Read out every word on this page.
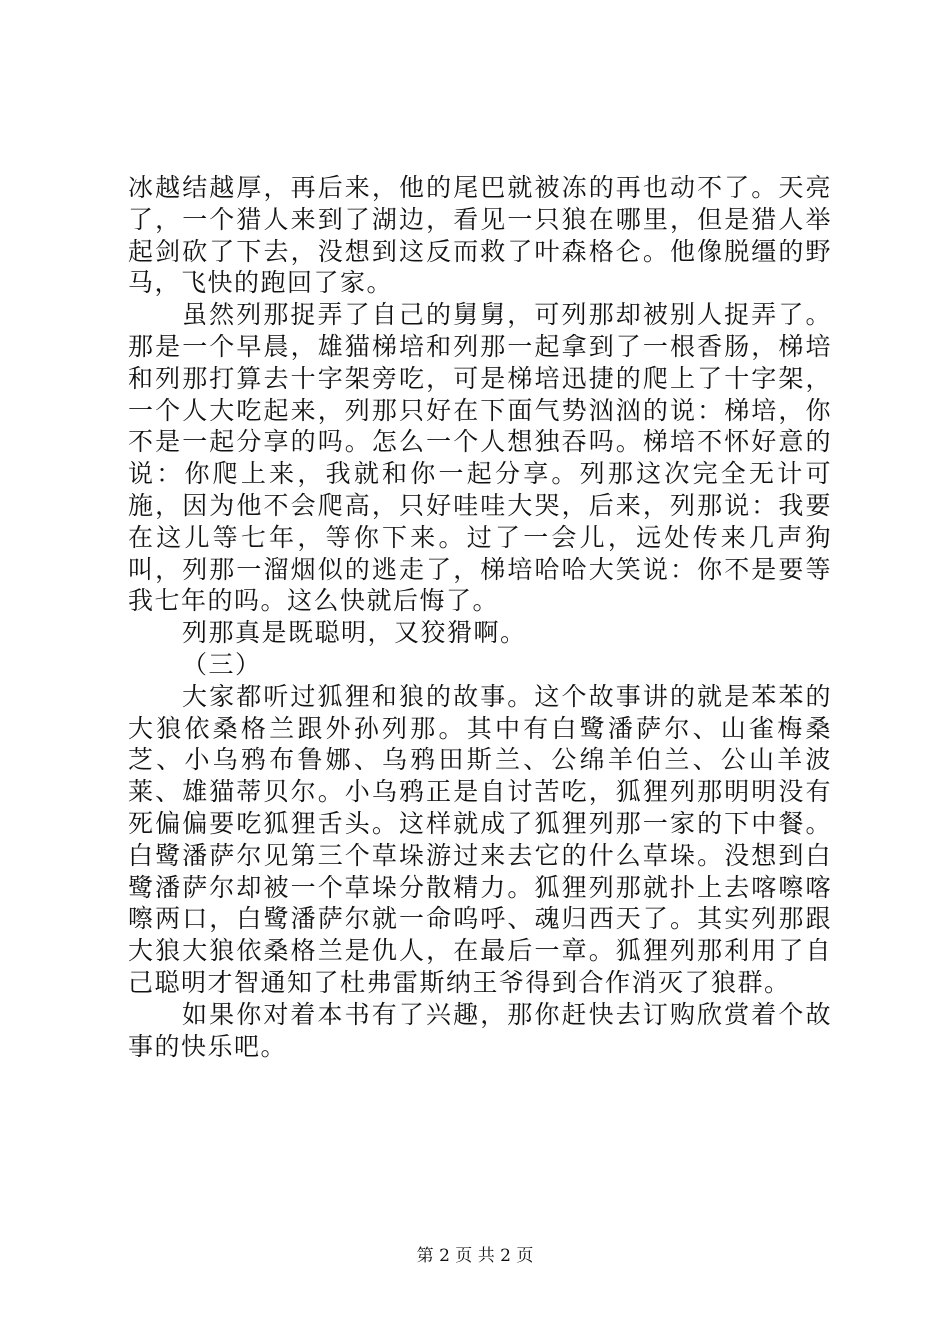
冰越结越厚，再后来，他的尾巴就被冻的再也动不了。天亮了，一个猎人来到了湖边，看见一只狼在哪里，但是猎人举起剑砍了下去，没想到这反而救了叶森格仑。他像脱缰的野马，飞快的跑回了家。

虽然列那捉弄了自己的舅舅，可列那却被别人捉弄了。那是一个早晨，雄猫梯培和列那一起拿到了一根香肠，梯培和列那打算去十字架旁吃，可是梯培迅捷的爬上了十字架，一个人大吃起来，列那只好在下面气势汹汹的说：梯培，你不是一起分享的吗。怎么一个人想独吞吗。梯培不怀好意的说：你爬上来，我就和你一起分享。列那这次完全无计可施，因为他不会爬高，只好哇哇大哭，后来，列那说：我要在这儿等七年，等你下来。过了一会儿，远处传来几声狗叫，列那一溜烟似的逃走了，梯培哈哈大笑说：你不是要等我七年的吗。这么快就后悔了。

列那真是既聪明，又狡猾啊。

（三）

大家都听过狐狸和狼的故事。这个故事讲的就是苯苯的大狼依桑格兰跟外孙列那。其中有白鹭潘萨尔、山雀梅桑芝、小乌鸦布鲁娜、乌鸦田斯兰、公绵羊伯兰、公山羊波莱、雄猫蒂贝尔。小乌鸦正是自讨苦吃，狐狸列那明明没有死偏偏要吃狐狸舌头。这样就成了狐狸列那一家的下中餐。白鹭潘萨尔见第三个草垛游过来去它的什么草垛。没想到白鹭潘萨尔却被一个草垛分散精力。狐狸列那就扑上去喀嚓喀嚓两口，白鹭潘萨尔就一命呜呼、魂归西天了。其实列那跟大狼大狼依桑格兰是仇人，在最后一章。狐狸列那利用了自己聪明才智通知了杜弗雷斯纳王爷得到合作消灭了狼群。

如果你对着本书有了兴趣，那你赶快去订购欣赏着个故事的快乐吧。

第 2 页 共 2 页
